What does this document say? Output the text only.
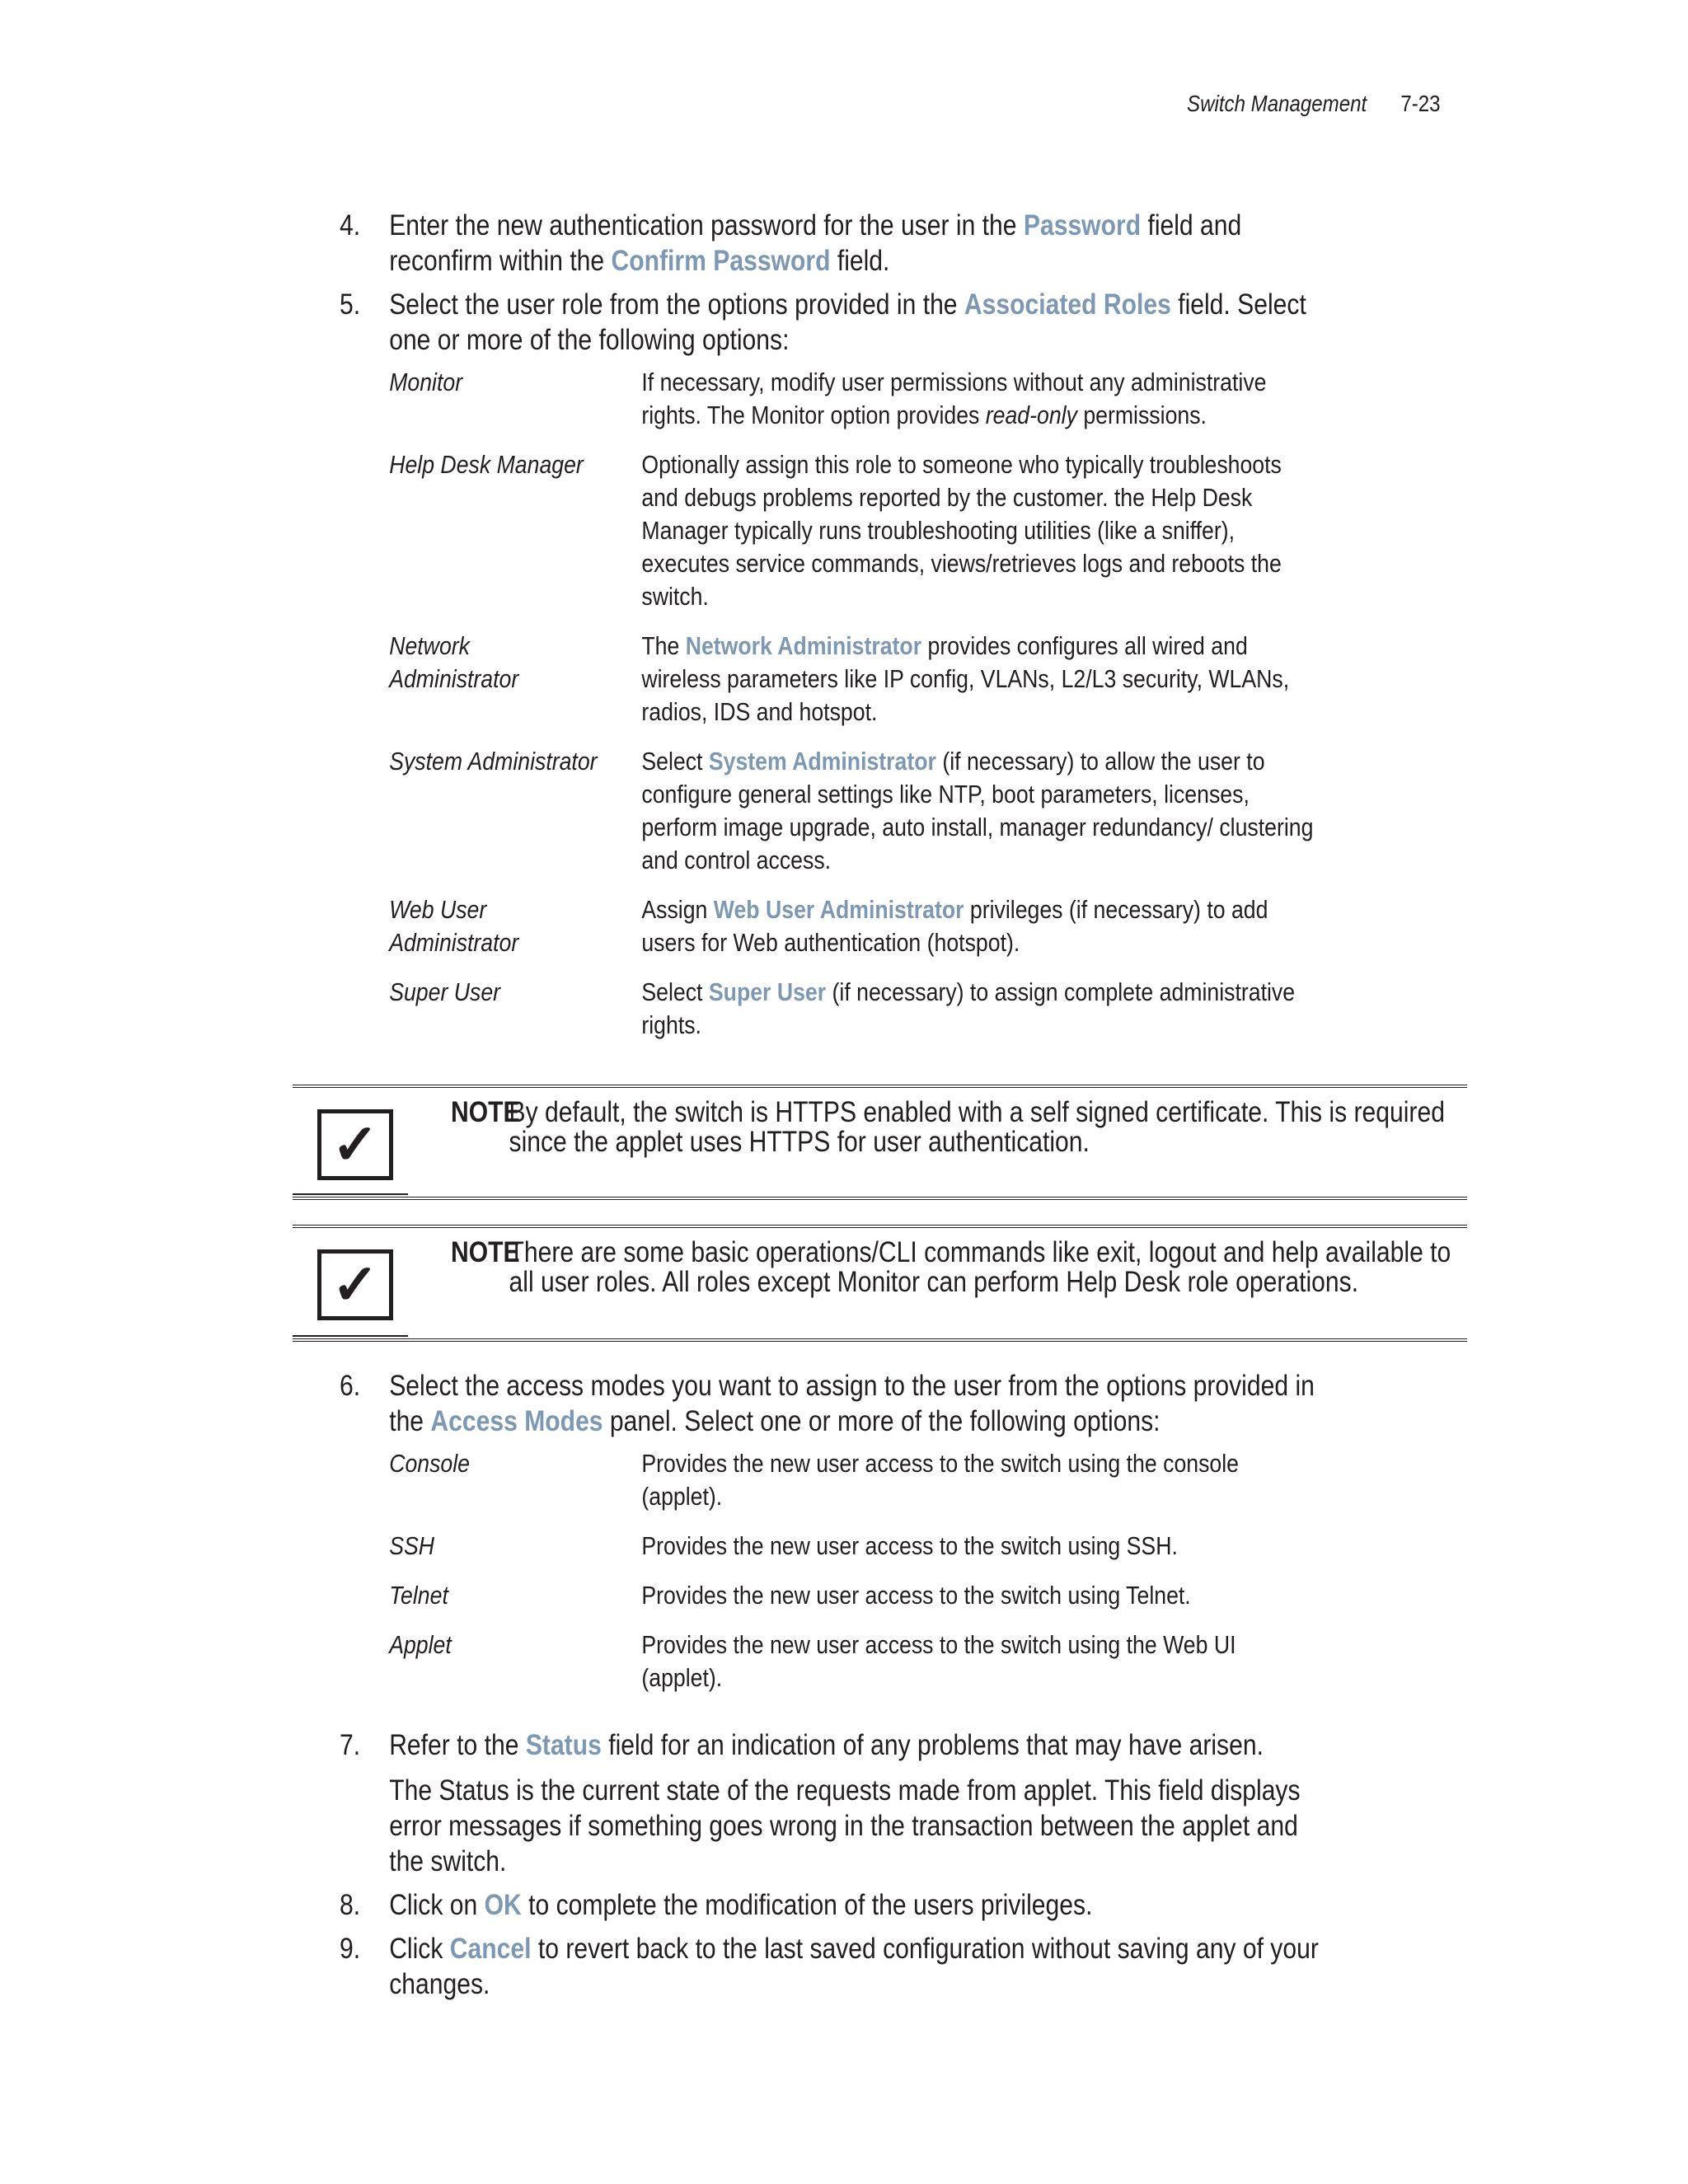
Switch Management 7-23
4. Enter the new authentication password for the user in the Password field and reconfirm within the Confirm Password field.

5. Select the user role from the options provided in the Associated Roles field. Select one or more of the following options:

Monitor	If necessary, modify user permissions without any administrative rights. The Monitor option provides read-only permissions.
Help Desk Manager	Optionally assign this role to someone who typically troubleshoots and debugs problems reported by the customer. the Help Desk Manager typically runs troubleshooting utilities (like a sniffer), executes service commands, views/retrieves logs and reboots the switch.
Network Administrator	The Network Administrator provides configures all wired and wireless parameters like IP config, VLANs, L2/L3 security, WLANs, radios, IDS and hotspot.
System Administrator	Select System Administrator (if necessary) to allow the user to configure general settings like NTP, boot parameters, licenses, perform image upgrade, auto install, manager redundancy/ clustering and control access.
Web User Administrator	Assign Web User Administrator privileges (if necessary) to add users for Web authentication (hotspot).
Super User	Select Super User (if necessary) to assign complete administrative rights.
✓
NOTE
By default, the switch is HTTPS enabled with a self signed certificate. This is required since the applet uses HTTPS for user authentication.
✓
NOTE
There are some basic operations/CLI commands like exit, logout and help available to all user roles. All roles except Monitor can perform Help Desk role operations.
6. Select the access modes you want to assign to the user from the options provided in the Access Modes panel. Select one or more of the following options:

Console	Provides the new user access to the switch using the console (applet).
SSH	Provides the new user access to the switch using SSH.
Telnet	Provides the new user access to the switch using Telnet.
Applet	Provides the new user access to the switch using the Web UI (applet).
7. Refer to the Status field for an indication of any problems that may have arisen.

The Status is the current state of the requests made from applet. This field displays error messages if something goes wrong in the transaction between the applet and the switch.

8. Click on OK to complete the modification of the users privileges.

9. Click Cancel to revert back to the last saved configuration without saving any of your changes.
